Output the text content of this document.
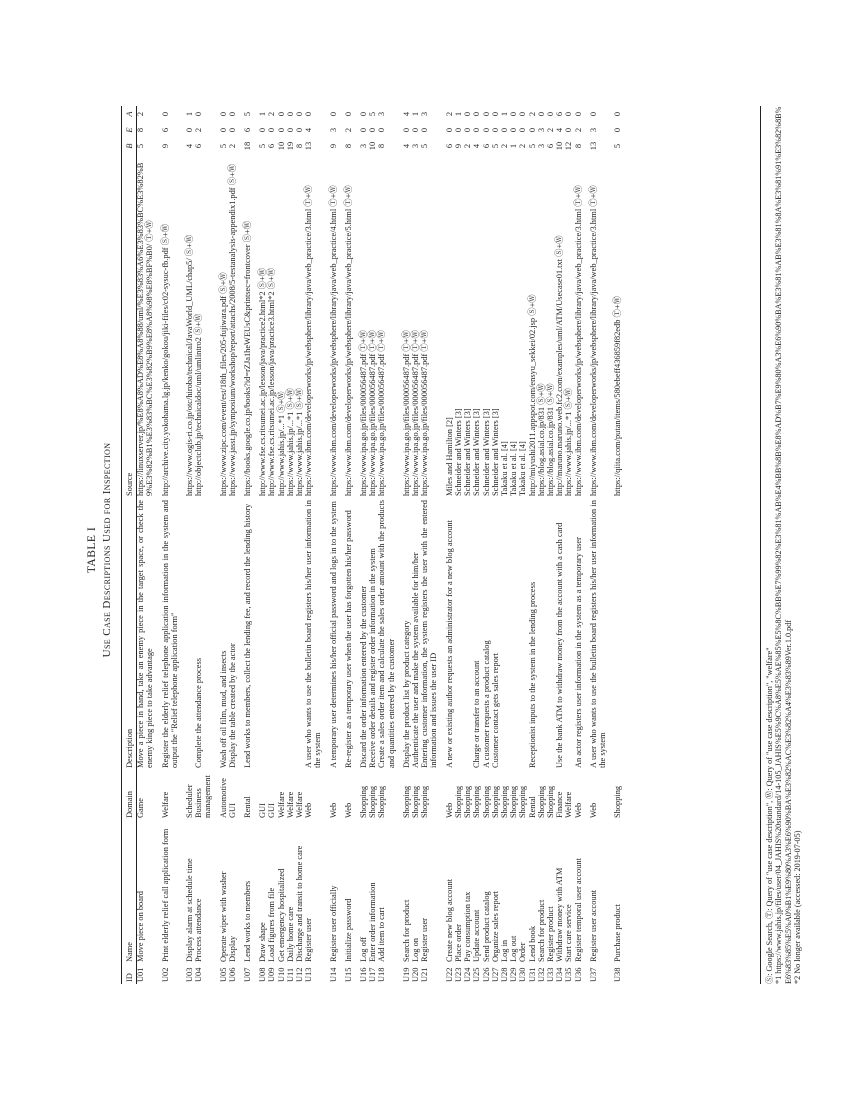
TABLE I Use Case Descriptions Used for Inspection
ID	Name	Domain	Description	Source	B	E	A
U01	Move piece on board	Game	Move a piece in hand, take an enemy piece in the target space, or check the enemy king piece to take advantage	https://linuxserver.jp/%E8%A8%AD%E8%A8%88/uml/%E3%83%A6%E3%83%BC%E3%82%B9%E3%82%B1%E3%83%BC%E3%82%B9%E8%A8%98%E8%BF%B0/ Ⓣ+Ⓦ	5	8	2
U02	Print elderly relief call application form	Welfare	Register the elderly relief telephone application information in the system and output the "Relief telephone application form"	http://archive.city.yokohama.lg.jp/kenko/gokou/jiki-files/c02-sysuc-fb.pdf Ⓢ+Ⓦ	9	6	0
U03	Display alarm at schedule time	Scheduler		https://www.ogis-ri.co.jp/otc/hiroba/technical/JavaWorld_UML/chap5/ Ⓢ+Ⓦ	4	0	1
U04	Process attendance	Business management	Complete the attendance process	http://objectclub.jp/technicaldoc/uml/umlintro2 Ⓢ+Ⓦ	6	2	0
U05	Operate wiper with washer	Automotive	Wash off oil film, mud, and insects	https://www.zipc.com/event/est/18th_files/205-fujiwara.pdf Ⓢ+Ⓦ	5	0	0
U06	Display	GUI	Display the table created by the actor	https://www.jasst.jp/symposium/workshop/report/attachs/2008/5-testanalysis-appendix1.pdf Ⓢ+Ⓦ	2	0	0
U07	Lend works to members	Rental	Lend works to members, collect the lending fee, and record the lending history	https://books.google.co.jp/books?id=rZJa1heWEUsC&printsec=frontcover Ⓢ+Ⓦ	18	6	5
U08	Draw shape	GUI		http://www.fse.cs.ritsumei.ac.jp/lesson/java/practice2.html*2 Ⓢ+Ⓦ	5	0	1
U09	Load figures from file	GUI		http://www.fse.cs.ritsumei.ac.jp/lesson/java/practice3.html*2 Ⓢ+Ⓦ	6	0	2
U10	Get emergency hospitalized	Welfare		http://www.jahis.jp/...*1 Ⓢ+Ⓦ	10	0	0
U11	Daily home care	Welfare		https://www.jahis.jp/...*1 Ⓢ+Ⓦ	19	0	0
U12	Discharge and transit to home care	Welfare		https://www.jahis.jp/...*1 Ⓢ+Ⓦ	8	0	0
U13	Register user	Web	A user who wants to use the bulletin board registers his/her user information in the system	https://www.ibm.com/developerworks/jp/websphere/library/java/web_practice/3.html Ⓣ+Ⓦ	13	4	0
U14	Register user officially	Web	A temporary user determines his/her official password and logs in to the system	https://www.ibm.com/developerworks/jp/websphere/library/java/web_practice/4.html Ⓣ+Ⓦ	9	3	0
U15	Initialize password	Web	Re-register as a temporary user when the user has forgotten his/her password	https://www.ibm.com/developerworks/jp/websphere/library/java/web_practice/5.html Ⓣ+Ⓦ	8	2	0
U16	Log off	Shopping	Discard the order information entered by the customer	https://www.ipa.go.jp/files/000056487.pdf Ⓣ+Ⓦ	3	0	0
U17	Enter order information	Shopping	Receive order details and register order information in the system	https://www.ipa.go.jp/files/000056487.pdf Ⓣ+Ⓦ	10	0	5
U18	Add item to cart	Shopping	Create a sales order item and calculate the sales order amount with the products and quantities entered by the customer	https://www.ipa.go.jp/files/000056487.pdf Ⓣ+Ⓦ	8	0	3
U19	Search for product	Shopping	Display the product list by product category	https://www.ipa.go.jp/files/000056487.pdf Ⓣ+Ⓦ	4	0	4
U20	Log on	Shopping	Authenticate the user and make the system available for him/her	https://www.ipa.go.jp/files/000056487.pdf Ⓣ+Ⓦ	3	0	1
U21	Register user	Shopping	Entering customer information, the system registers the user with the entered information and issues the user ID	https://www.ipa.go.jp/files/000056487.pdf Ⓣ+Ⓦ	5	0	3
U22	Create new blog account	Web	A new or existing author requests an administrator for a new blog account	Miles and Hamilton [2]	6	0	2
U23	Place order	Shopping		Schneider and Winters [3]	9	0	1
U24	Pay consumption tax	Shopping		Schneider and Winters [3]	2	0	0
U25	Update account	Shopping	Charge or transfer to an account	Schneider and Winters [3]	4	0	0
U26	Send product catalog	Shopping	A customer requests a product catalog	Schneider and Winters [3]	6	0	0
U27	Organize sales report	Shopping	Customer contact gets sales report	Schneider and Winters [3]	5	0	0
U28	Log in	Shopping		Takaku et al. [4]	2	0	1
U29	Log out	Shopping		Takaku et al. [4]	1	0	0
U30	Order	Shopping		Takaku et al. [4]	2	0	0
U31	Lend book	Rental	Receptionist inputs to the system in the lending process	http://miyushi2011.appspot.com/ensyu_sekkei/02.jsp Ⓢ+Ⓦ	5	0	2
U32	Search for product	Shopping		https://blog.asial.co.jp/831 Ⓢ+Ⓦ	3	3	0
U33	Register product	Shopping		https://blog.asial.co.jp/831 Ⓢ+Ⓦ	6	2	0
U34	Withdraw money with ATM	Finance	Use the bank ATM to withdraw money from the account with a cash card	http://maruno.maruno.web.fc2.com/examples/uml/ATM/Usecase01.txt Ⓢ+Ⓦ	10	4	6
U35	Start care service	Welfare		https://www.jahis.jp/...*1 Ⓢ+Ⓦ	12	0	0
U36	Register temporal user account	Web	An actor registers user information in the system as a temporary user	https://www.ibm.com/developerworks/jp/websphere/library/java/web_practice/3.html Ⓣ+Ⓦ	8	2	0
U37	Register user account	Web	A user who wants to use the bulletin board registers his/her user information in the system	https://www.ibm.com/developerworks/jp/websphere/library/java/web_practice/3.html Ⓣ+Ⓦ	13	3	0
U38	Purchase product	Shopping		https://qiita.com/putan/items/580ebeff436859f82edb Ⓣ+Ⓦ	5	0	0
Ⓢ: Google Search, Ⓣ: Query of "use case description", Ⓦ: Query of "use case description", "welfare" *1 https://www.jahis.jp/files/user/04_JAHIS%20standard/14-105_JAHIS%E5%9C%A8%E5%AE%85%E5%8C%BB%E7%99%82%E3%81%AB%E4%BB%8B%E8%AD%B7%E9%80%A3%E6%90%BA%E3%81%AB%E3%81%8A%E3%81%91%E3%82%8B%E6%83%85%E5%A0%B1%E9%80%A3%E6%90%BA%E3%82%AC%E3%82%A4%E3%83%89Ver.1.0.pdf *2 No longer available (accessed: 2019-07-05)
